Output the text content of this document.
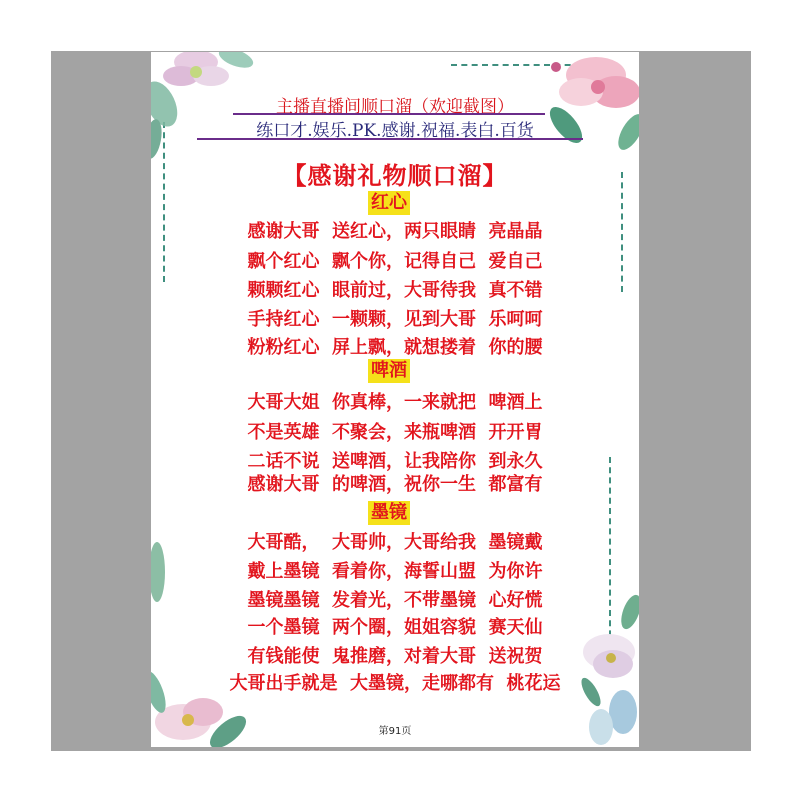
主播直播间顺口溜（欢迎截图）
练口才.娱乐.PK.感谢.祝福.表白.百货
【感谢礼物顺口溜】
红心
感谢大哥  送红心，两只眼睛  亮晶晶
飘个红心  飘个你，记得自己  爱自己
颗颗红心  眼前过，大哥待我  真不错
手持红心  一颗颗，见到大哥  乐呵呵
粉粉红心  屏上飘，就想搂着  你的腰
啤酒
大哥大姐  你真棒，一来就把  啤酒上
不是英雄  不聚会，来瓶啤酒  开开胃
二话不说  送啤酒，让我陪你  到永久
感谢大哥  的啤酒，祝你一生  都富有
墨镜
大哥酷，  大哥帅，大哥给我  墨镜戴
戴上墨镜  看着你，海誓山盟  为你许
墨镜墨镜  发着光，不带墨镜  心好慌
一个墨镜  两个圈，姐姐容貌  赛天仙
有钱能使  鬼推磨，对着大哥  送祝贺
大哥出手就是  大墨镜，走哪都有  桃花运
第91页
